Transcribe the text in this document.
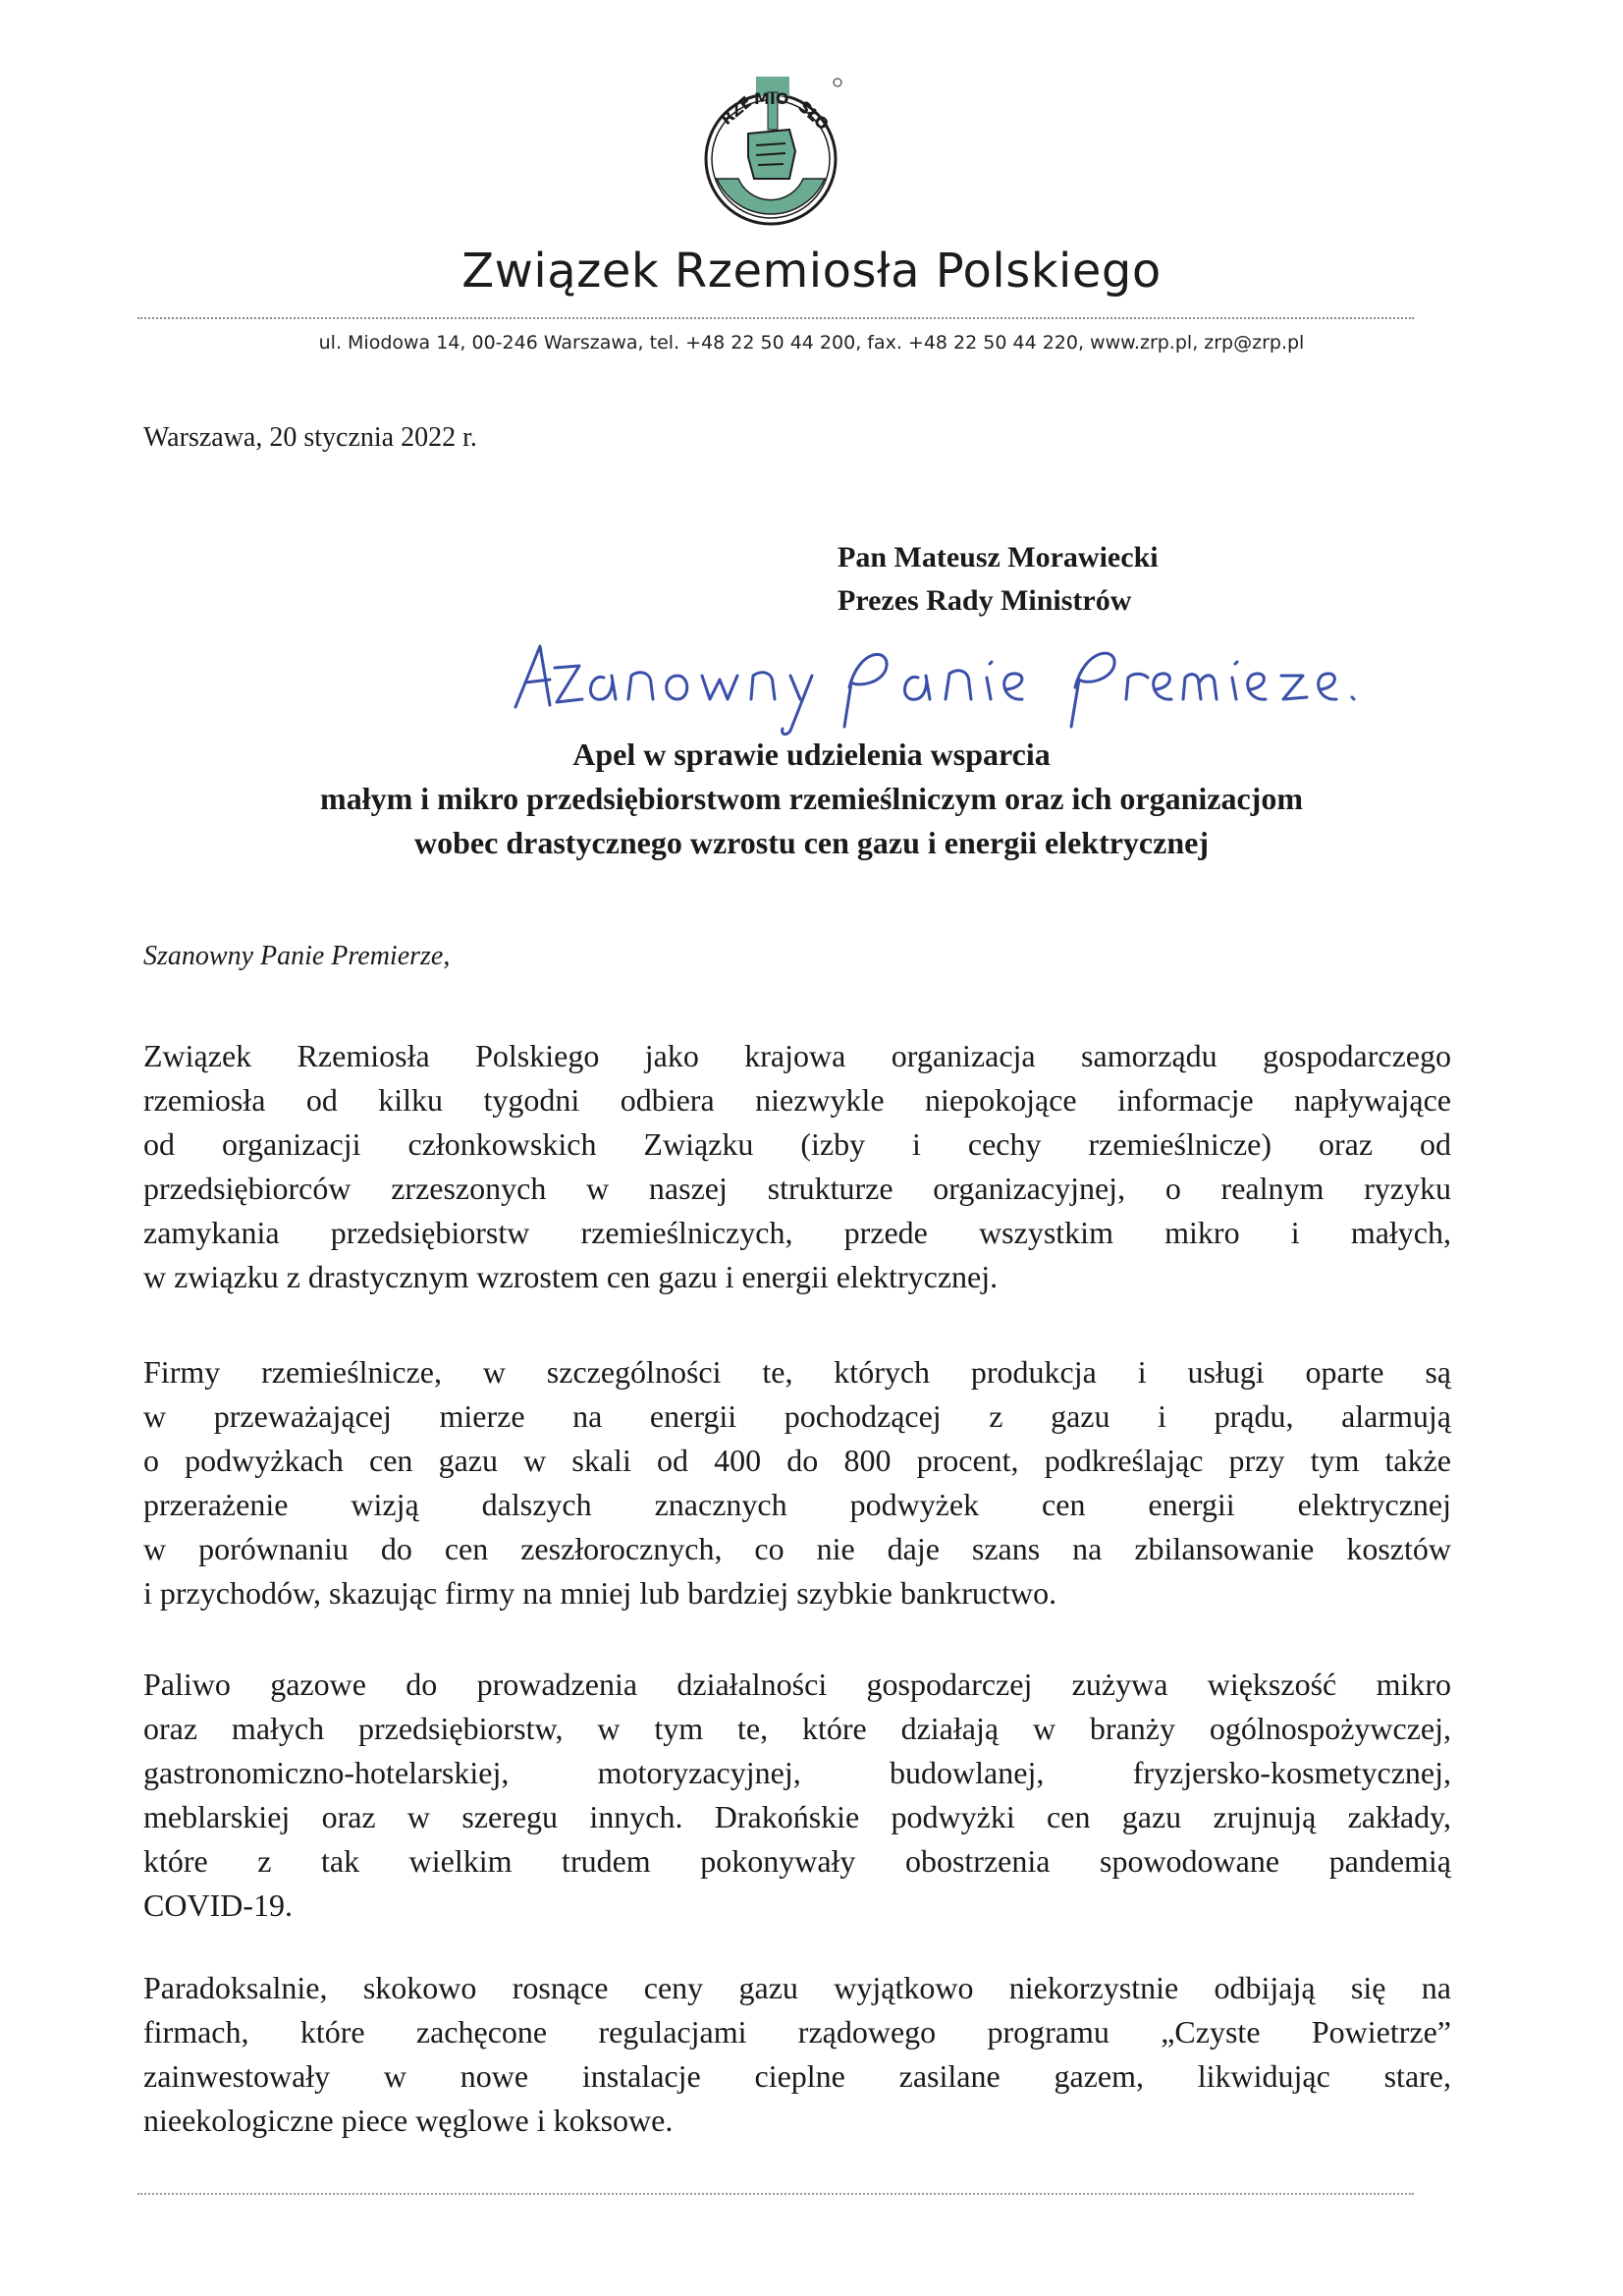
RZE
MIO SŁO
Związek Rzemiosła Polskiego
ul. Miodowa 14, 00-246 Warszawa, tel. +48 22 50 44 200, fax. +48 22 50 44 220, www.zrp.pl, zrp@zrp.pl
Warszawa, 20 stycznia 2022 r.
Pan Mateusz Morawiecki
Prezes Rady Ministrów
Apel w sprawie udzielenia wsparcia
małym i mikro przedsiębiorstwom rzemieślniczym oraz ich organizacjom
wobec drastycznego wzrostu cen gazu i energii elektrycznej
Szanowny Panie Premierze,
Związek Rzemiosła Polskiego jako krajowa organizacja samorządu gospodarczego
rzemiosła od kilku tygodni odbiera niezwykle niepokojące informacje napływające
od organizacji członkowskich Związku (izby i cechy rzemieślnicze) oraz od
przedsiębiorców zrzeszonych w naszej strukturze organizacyjnej, o realnym ryzyku
zamykania przedsiębiorstw rzemieślniczych, przede wszystkim mikro i małych,
w związku z drastycznym wzrostem cen gazu i energii elektrycznej.
Firmy rzemieślnicze, w szczególności te, których produkcja i usługi oparte są
w przeważającej mierze na energii pochodzącej z gazu i prądu, alarmują
o podwyżkach cen gazu w skali od 400 do 800 procent, podkreślając przy tym także
przerażenie wizją dalszych znacznych podwyżek cen energii elektrycznej
w porównaniu do cen zeszłorocznych, co nie daje szans na zbilansowanie kosztów
i przychodów, skazując firmy na mniej lub bardziej szybkie bankructwo.
Paliwo gazowe do prowadzenia działalności gospodarczej zużywa większość mikro
oraz małych przedsiębiorstw, w tym te, które działają w branży ogólnospożywczej,
gastronomiczno-hotelarskiej, motoryzacyjnej, budowlanej, fryzjersko-kosmetycznej,
meblarskiej oraz w szeregu innych. Drakońskie podwyżki cen gazu zrujnują zakłady,
które z tak wielkim trudem pokonywały obostrzenia spowodowane pandemią
COVID-19.
Paradoksalnie, skokowo rosnące ceny gazu wyjątkowo niekorzystnie odbijają się na
firmach, które zachęcone regulacjami rządowego programu „Czyste Powietrze”
zainwestowały w nowe instalacje cieplne zasilane gazem, likwidując stare,
nieekologiczne piece węglowe i koksowe.
